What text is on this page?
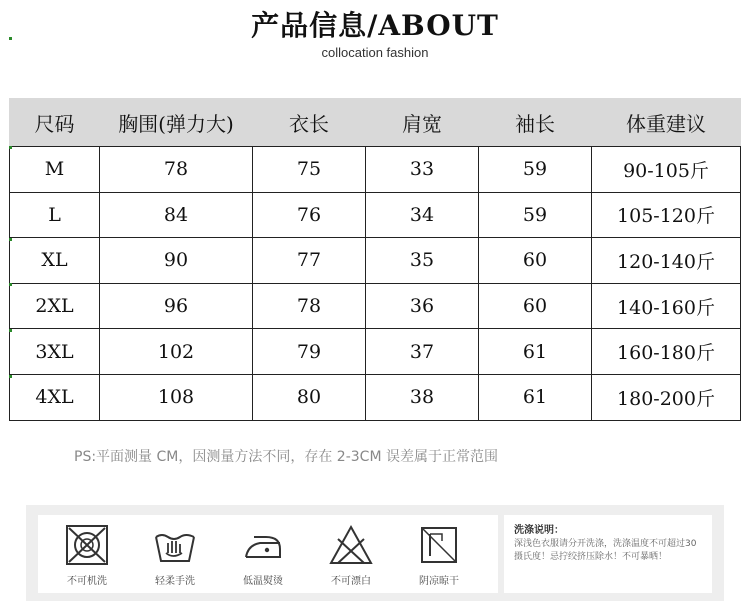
产品信息/ABOUT
collocation fashion
尺码	胸围(弹力大)	衣长	肩宽	袖长	体重建议
M	78	75	33	59	90-105斤
L	84	76	34	59	105-120斤
XL	90	77	35	60	120-140斤
2XL	96	78	36	60	140-160斤
3XL	102	79	37	61	160-180斤
4XL	108	80	38	61	180-200斤
PS:平面测量 CM，因测量方法不同，存在 2-3CM 误差属于正常范围
不可机洗	轻柔手洗	低温熨烫	不可漂白	阴凉晾干
洗涤说明：
深浅色衣服请分开洗涤，洗涤温度不可超过30摄氏度！忌拧绞挤压除水！不可暴晒！
